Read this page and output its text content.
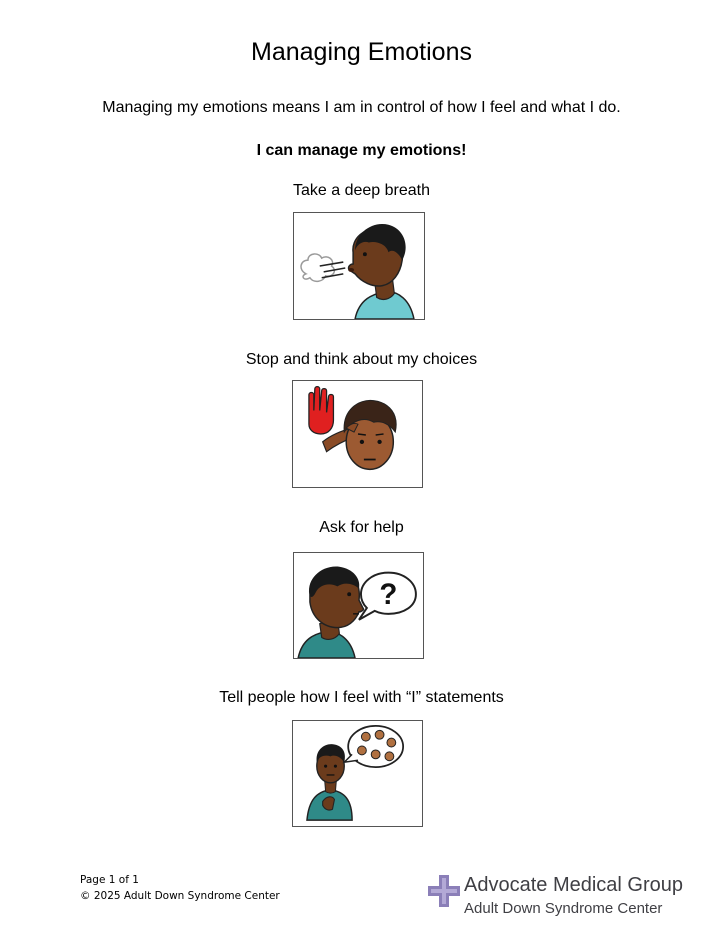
Managing Emotions
Managing my emotions means I am in control of how I feel and what I do.
I can manage my emotions!
Take a deep breath
Stop and think about my choices
Ask for help
?
Tell people how I feel with “I” statements
Page 1 of 1
© 2025 Adult Down Syndrome Center	Advocate Medical Group
Adult Down Syndrome Center
